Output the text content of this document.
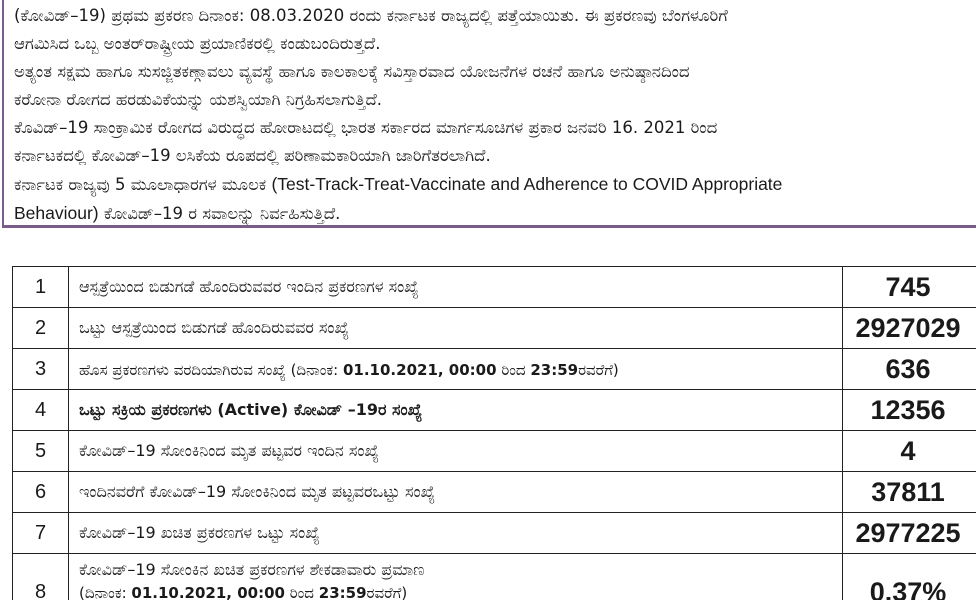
(ಕೋವಿಡ್–19) ಪ್ರಥಮ ಪ್ರಕರಣ ದಿನಾಂಕ: 08.03.2020 ರಂದು ಕರ್ನಾಟಕ ರಾಜ್ಯದಲ್ಲಿ ಪತ್ತೆಯಾಯಿತು. ಈ ಪ್ರಕರಣವು ಬೆಂಗಳೂರಿಗೆ
ಆಗಮಿಸಿದ ಒಬ್ಬ ಅಂತರ್‌ರಾಷ್ಟ್ರೀಯ ಪ್ರಯಾಣಿಕರಲ್ಲಿ ಕಂಡುಬಂದಿರುತ್ತದೆ.
ಅತ್ಯಂತ ಸಕ್ಷಮ ಹಾಗೂ ಸುಸಜ್ಜಿತಕಣ್ಗಾವಲು ವ್ಯವಸ್ಥೆ ಹಾಗೂ ಕಾಲಕಾಲಕ್ಕೆ ಸವಿಸ್ತಾರವಾದ ಯೋಜನೆಗಳ ರಚನೆ ಹಾಗೂ ಅನುಷ್ಠಾನದಿಂದ
ಕರೋನಾ ರೋಗದ ಹರಡುವಿಕೆಯನ್ನು ಯಶಸ್ವಿಯಾಗಿ ನಿಗ್ರಹಿಸಲಾಗುತ್ತಿದೆ.
ಕೊವಿಡ್–19 ಸಾಂಕ್ರಾಮಿಕ ರೋಗದ ವಿರುದ್ಧದ ಹೋರಾಟದಲ್ಲಿ ಭಾರತ ಸರ್ಕಾರದ ಮಾರ್ಗಸೂಚಿಗಳ ಪ್ರಕಾರ ಜನವರಿ 16. 2021 ರಿಂದ
ಕರ್ನಾಟಕದಲ್ಲಿ ಕೋವಿಡ್–19 ಲಸಿಕೆಯ ರೂಪದಲ್ಲಿ ಪರಿಣಾಮಕಾರಿಯಾಗಿ ಜಾರಿಗೆತರಲಾಗಿದೆ.
ಕರ್ನಾಟಕ ರಾಜ್ಯವು 5 ಮೂಲಾಧಾರಗಳ ಮೂಲಕ (Test-Track-Treat-Vaccinate and Adherence to COVID Appropriate
Behaviour) ಕೋವಿಡ್–19 ರ ಸವಾಲನ್ನು ನಿರ್ವಹಿಸುತ್ತಿದೆ.
1	ಆಸ್ಪತ್ರೆಯಿಂದ ಬಿಡುಗಡೆ ಹೊಂದಿರುವವರ ಇಂದಿನ ಪ್ರಕರಣಗಳ ಸಂಖ್ಯೆ	745
2	ಒಟ್ಟು ಆಸ್ಪತ್ರೆಯಿಂದ ಬಿಡುಗಡೆ ಹೊಂದಿರುವವರ ಸಂಖ್ಯೆ	2927029
3	ಹೊಸ ಪ್ರಕರಣಗಳು ವರದಿಯಾಗಿರುವ ಸಂಖ್ಯೆ (ದಿನಾಂಕ: 01.10.2021, 00:00 ರಿಂದ 23:59ರವರೆಗೆ)	636
4	ಒಟ್ಟು ಸಕ್ರಿಯ ಪ್ರಕರಣಗಳು (Active) ಕೋವಿಡ್ –19ರ ಸಂಖ್ಯೆ	12356
5	ಕೋವಿಡ್–19 ಸೋಂಕಿನಿಂದ ಮೃತ ಪಟ್ಟವರ ಇಂದಿನ ಸಂಖ್ಯೆ	4
6	ಇಂದಿನವರೆಗೆ ಕೋವಿಡ್–19 ಸೋಂಕಿನಿಂದ ಮೃತ ಪಟ್ಟವರಒಟ್ಟು ಸಂಖ್ಯೆ	37811
7	ಕೋವಿಡ್–19 ಖಚಿತ ಪ್ರಕರಣಗಳ ಒಟ್ಟು ಸಂಖ್ಯೆ	2977225
8	ಕೋವಿಡ್–19 ಸೋಂಕಿನ ಖಚಿತ ಪ್ರಕರಣಗಳ ಶೇಕಡಾವಾರು ಪ್ರಮಾಣ
(ದಿನಾಂಕ: 01.10.2021, 00:00 ರಿಂದ 23:59ರವರೆಗೆ)	0.37%
